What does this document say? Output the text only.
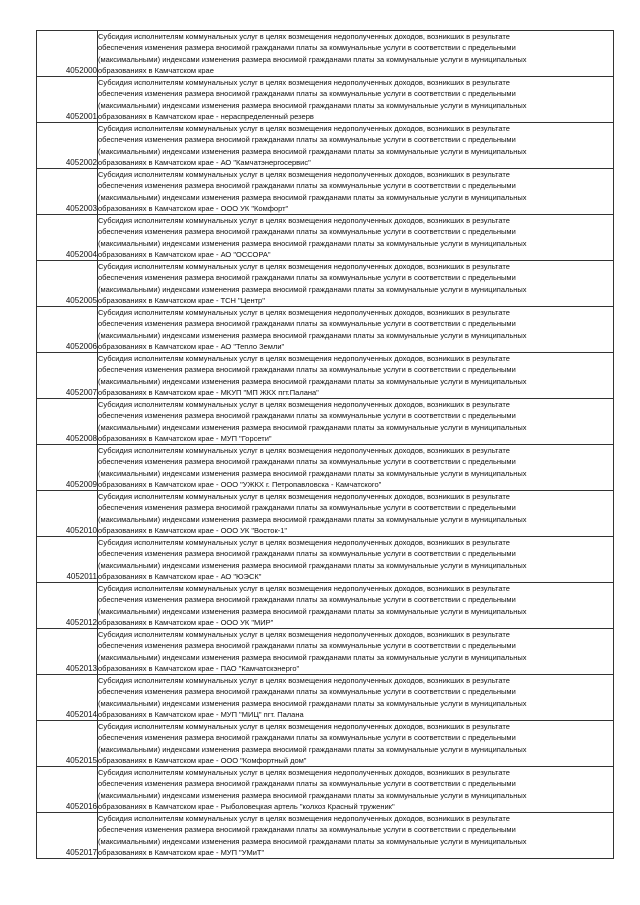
4052000	Субсидия исполнителям коммунальных услуг в целях возмещения недополученных доходов, возникших в результате
обеспечения изменения размера вносимой гражданами платы за коммунальные услуги в соответствии с предельными
(максимальными) индексами изменения размера вносимой гражданами платы за коммунальные услуги в муниципальных
образованиях в Камчатском крае

4052001	Субсидия исполнителям коммунальных услуг в целях возмещения недополученных доходов, возникших в результате
обеспечения изменения размера вносимой гражданами платы за коммунальные услуги в соответствии с предельными
(максимальными) индексами изменения размера вносимой гражданами платы за коммунальные услуги в муниципальных
образованиях в Камчатском крае - нераспределенный резерв

4052002	Субсидия исполнителям коммунальных услуг в целях возмещения недополученных доходов, возникших в результате
обеспечения изменения размера вносимой гражданами платы за коммунальные услуги в соответствии с предельными
(максимальными) индексами изменения размера вносимой гражданами платы за коммунальные услуги в муниципальных
образованиях в Камчатском крае - АО "Камчатэнергосервис"

4052003	Субсидия исполнителям коммунальных услуг в целях возмещения недополученных доходов, возникших в результате
обеспечения изменения размера вносимой гражданами платы за коммунальные услуги в соответствии с предельными
(максимальными) индексами изменения размера вносимой гражданами платы за коммунальные услуги в муниципальных
образованиях в Камчатском крае - ООО УК "Комфорт"

4052004	Субсидия исполнителям коммунальных услуг в целях возмещения недополученных доходов, возникших в результате
обеспечения изменения размера вносимой гражданами платы за коммунальные услуги в соответствии с предельными
(максимальными) индексами изменения размера вносимой гражданами платы за коммунальные услуги в муниципальных
образованиях в Камчатском крае - АО "ОССОРА"

4052005	Субсидия исполнителям коммунальных услуг в целях возмещения недополученных доходов, возникших в результате
обеспечения изменения размера вносимой гражданами платы за коммунальные услуги в соответствии с предельными
(максимальными) индексами изменения размера вносимой гражданами платы за коммунальные услуги в муниципальных
образованиях в Камчатском крае - ТСН "Центр"

4052006	Субсидия исполнителям коммунальных услуг в целях возмещения недополученных доходов, возникших в результате
обеспечения изменения размера вносимой гражданами платы за коммунальные услуги в соответствии с предельными
(максимальными) индексами изменения размера вносимой гражданами платы за коммунальные услуги в муниципальных
образованиях в Камчатском крае - АО "Тепло Земли"

4052007	Субсидия исполнителям коммунальных услуг в целях возмещения недополученных доходов, возникших в результате
обеспечения изменения размера вносимой гражданами платы за коммунальные услуги в соответствии с предельными
(максимальными) индексами изменения размера вносимой гражданами платы за коммунальные услуги в муниципальных
образованиях в Камчатском крае - МКУП "МП ЖКХ пгт.Палана"

4052008	Субсидия исполнителям коммунальных услуг в целях возмещения недополученных доходов, возникших в результате
обеспечения изменения размера вносимой гражданами платы за коммунальные услуги в соответствии с предельными
(максимальными) индексами изменения размера вносимой гражданами платы за коммунальные услуги в муниципальных
образованиях в Камчатском крае - МУП "Горсети"

4052009	Субсидия исполнителям коммунальных услуг в целях возмещения недополученных доходов, возникших в результате
обеспечения изменения размера вносимой гражданами платы за коммунальные услуги в соответствии с предельными
(максимальными) индексами изменения размера вносимой гражданами платы за коммунальные услуги в муниципальных
образованиях в Камчатском крае - ООО "УЖКХ г. Петропавловска - Камчатского"

4052010	Субсидия исполнителям коммунальных услуг в целях возмещения недополученных доходов, возникших в результате
обеспечения изменения размера вносимой гражданами платы за коммунальные услуги в соответствии с предельными
(максимальными) индексами изменения размера вносимой гражданами платы за коммунальные услуги в муниципальных
образованиях в Камчатском крае - ООО УК "Восток-1"

4052011	Субсидия исполнителям коммунальных услуг в целях возмещения недополученных доходов, возникших в результате
обеспечения изменения размера вносимой гражданами платы за коммунальные услуги в соответствии с предельными
(максимальными) индексами изменения размера вносимой гражданами платы за коммунальные услуги в муниципальных
образованиях в Камчатском крае - АО "ЮЭСК"

4052012	Субсидия исполнителям коммунальных услуг в целях возмещения недополученных доходов, возникших в результате
обеспечения изменения размера вносимой гражданами платы за коммунальные услуги в соответствии с предельными
(максимальными) индексами изменения размера вносимой гражданами платы за коммунальные услуги в муниципальных
образованиях в Камчатском крае - ООО УК "МИР"

4052013	Субсидия исполнителям коммунальных услуг в целях возмещения недополученных доходов, возникших в результате
обеспечения изменения размера вносимой гражданами платы за коммунальные услуги в соответствии с предельными
(максимальными) индексами изменения размера вносимой гражданами платы за коммунальные услуги в муниципальных
образованиях в Камчатском крае - ПАО "Камчатскэнерго"

4052014	Субсидия исполнителям коммунальных услуг в целях возмещения недополученных доходов, возникших в результате
обеспечения изменения размера вносимой гражданами платы за коммунальные услуги в соответствии с предельными
(максимальными) индексами изменения размера вносимой гражданами платы за коммунальные услуги в муниципальных
образованиях в Камчатском крае - МУП "МИЦ" пгт. Палана

4052015	Субсидия исполнителям коммунальных услуг в целях возмещения недополученных доходов, возникших в результате
обеспечения изменения размера вносимой гражданами платы за коммунальные услуги в соответствии с предельными
(максимальными) индексами изменения размера вносимой гражданами платы за коммунальные услуги в муниципальных
образованиях в Камчатском крае - ООО "Комфортный дом"

4052016	Субсидия исполнителям коммунальных услуг в целях возмещения недополученных доходов, возникших в результате
обеспечения изменения размера вносимой гражданами платы за коммунальные услуги в соответствии с предельными
(максимальными) индексами изменения размера вносимой гражданами платы за коммунальные услуги в муниципальных
образованиях в Камчатском крае - Рыболовецкая артель "колхоз Красный труженик"

4052017	Субсидия исполнителям коммунальных услуг в целях возмещения недополученных доходов, возникших в результате
обеспечения изменения размера вносимой гражданами платы за коммунальные услуги в соответствии с предельными
(максимальными) индексами изменения размера вносимой гражданами платы за коммунальные услуги в муниципальных
образованиях в Камчатском крае - МУП "УМиТ"
